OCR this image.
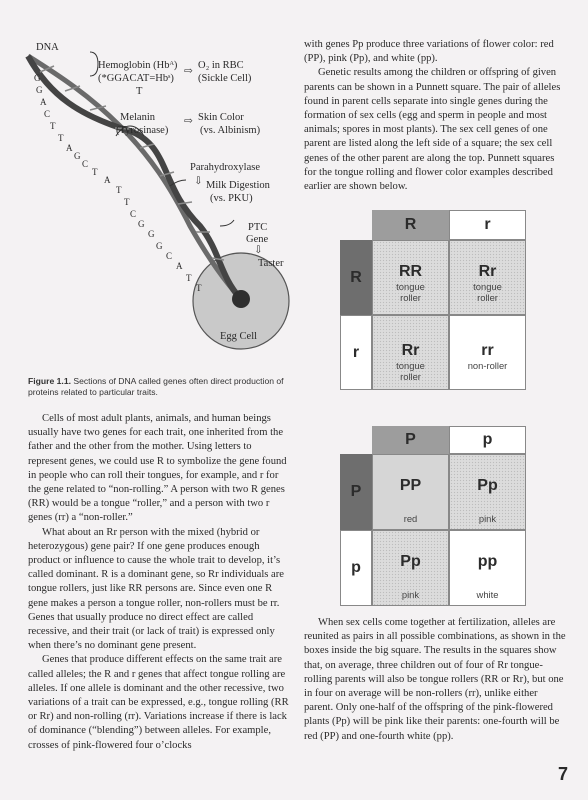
DNA
Hemoglobin (Hbᴬ)
(*GGACAT=Hbˢ)
T
⇨
O₂ in RBC
(Sickle Cell)
Melanin
(Tyrosinase)
⇨ Skin Color
(vs. Albinism)
Parahydroxylase
⇩ Milk Digestion
(vs. PKU)
PTC
Gene
⇩
Taster
Egg Cell
G
G
A
C
T
T
A
G
C
T
A
T
T
C
G
G
G
C
A
T
T
Figure 1.1. Sections of DNA called genes often direct production of proteins related to particular traits.

Cells of most adult plants, animals, and human beings usually have two genes for each trait, one inherited from the father and the other from the mother. Using letters to represent genes, we could use R to symbolize the gene found in people who can roll their tongues, for example, and r for the gene related to “non-rolling.” A person with two R genes (RR) would be a tongue “roller,” and a person with two r genes (rr) a “non-roller.”

What about an Rr person with the mixed (hybrid or heterozygous) gene pair? If one gene produces enough product or influence to cause the whole trait to develop, it’s called dominant. R is a dominant gene, so Rr individuals are tongue rollers, just like RR persons are. Since even one R gene makes a person a tongue roller, non-rollers must be rr. Genes that usually produce no direct effect are called recessive, and their trait (or lack of trait) is expressed only when there’s no dominant gene present.

Genes that produce different effects on the same trait are called alleles; the R and r genes that affect tongue rolling are alleles. If one allele is dominant and the other recessive, two variations of a trait can be expressed, e.g., tongue rolling (RR or Rr) and non-rolling (rr). Variations increase if there is lack of dominance (“blending”) between alleles. For example, crosses of pink-flowered four o’clocks

with genes Pp produce three variations of flower color: red (PP), pink (Pp), and white (pp).

Genetic results among the children or offspring of given parents can be shown in a Punnett square. The pair of alleles found in parent cells separate into single genes during the formation of sex cells (egg and sperm in people and most animals; spores in most plants). The sex cell genes of one parent are listed along the left side of a square; the sex cell genes of the other parent are along the top. Punnett squares for the tongue rolling and flower color examples described earlier are shown below.

R	r
R
r
RR
tongue roller
Rr
tongue roller
Rr
tongue roller
rr
non-roller
P	p
P
p
PP
red
Pp
pink
Pp
pink
pp
white

When sex cells come together at fertilization, alleles are reunited as pairs in all possible combinations, as shown in the boxes inside the big square. The results in the squares show that, on average, three children out of four of Rr tongue-rolling parents will also be tongue rollers (RR or Rr), but one in four on average will be non-rollers (rr), unlike either parent. Only one-half of the offspring of the pink-flowered plants (Pp) will be pink like their parents: one-fourth will be red (PP) and one-fourth white (pp).

7
